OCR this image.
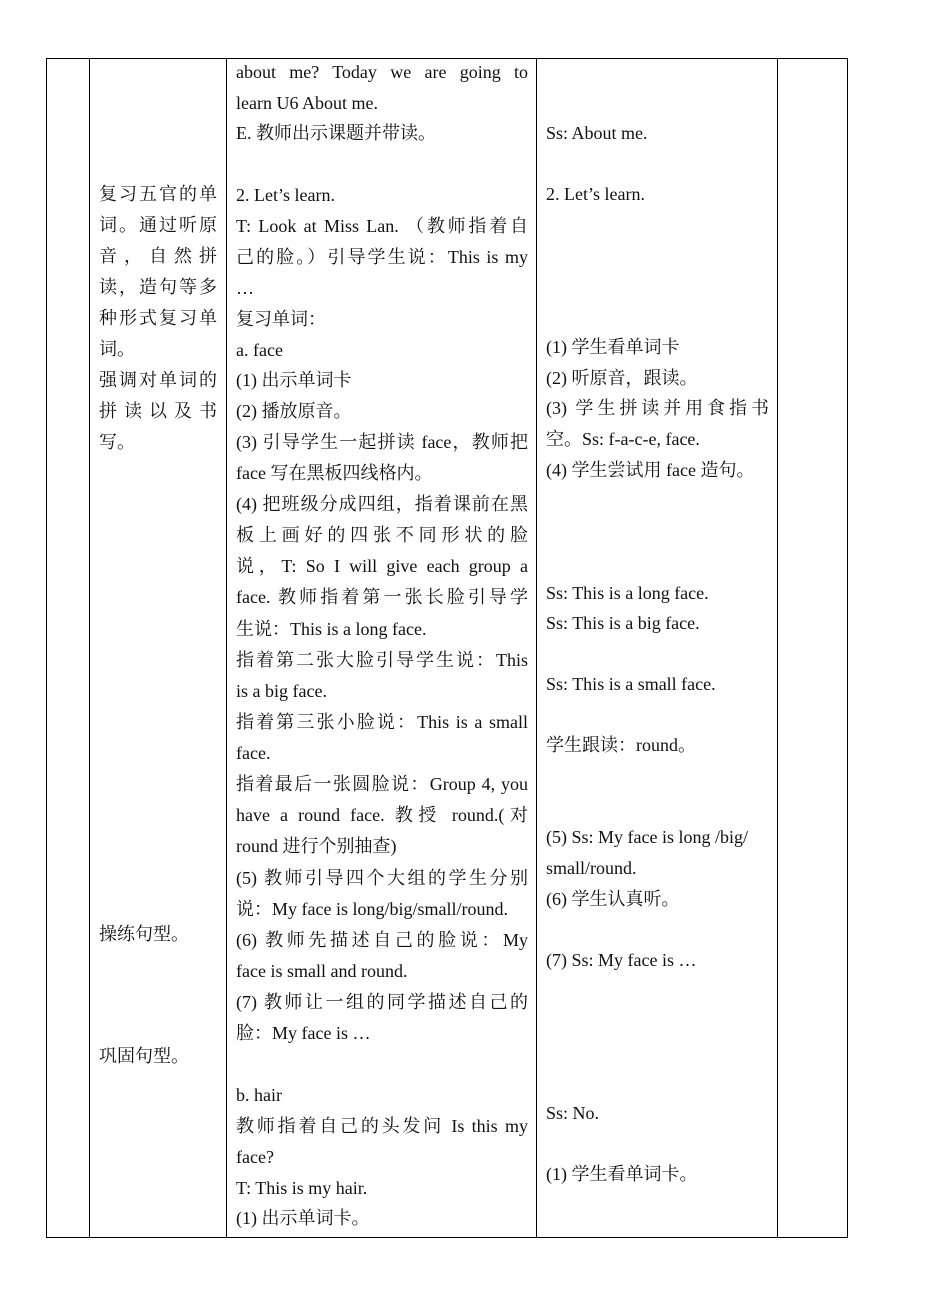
复习五官的单
词。通过听原
音，自然拼
读，造句等多
种形式复习单
词。
强调对单词的
拼读以及书
写。
操练句型。
巩固句型。
about me? Today we are going to
learn U6 About me.
E. 教师出示课题并带读。
2. Let’s learn.
T: Look at Miss Lan. （教师指着自
己的脸。）引导学生说：This is my
…
复习单词：
a. face
(1) 出示单词卡
(2) 播放原音。
(3) 引导学生一起拼读 face，教师把
face 写在黑板四线格内。
(4) 把班级分成四组，指着课前在黑
板上画好的四张不同形状的脸
说，T: So I will give each group a
face. 教师指着第一张长脸引导学
生说：This is a long face.
指着第二张大脸引导学生说：This
is a big face.
指着第三张小脸说：This is a small
face.
指着最后一张圆脸说：Group 4, you
have a round face. 教授 round.(对
round 进行个别抽查)
(5) 教师引导四个大组的学生分别
说：My face is long/big/small/round.
(6) 教师先描述自己的脸说：My
face is small and round.
(7) 教师让一组的同学描述自己的
脸：My face is …
b. hair
教师指着自己的头发问 Is this my
face?
T: This is my hair.
(1) 出示单词卡。
Ss: About me.
2. Let’s learn.
(1) 学生看单词卡
(2) 听原音，跟读。
(3) 学生拼读并用食指书
空。Ss: f-a-c-e, face.
(4) 学生尝试用 face 造句。
Ss: This is a long face.
Ss: This is a big face.
Ss: This is a small face.
学生跟读：round。
(5) Ss: My face is long /big/
small/round.
(6) 学生认真听。
(7) Ss: My face is …
Ss: No.
(1) 学生看单词卡。
